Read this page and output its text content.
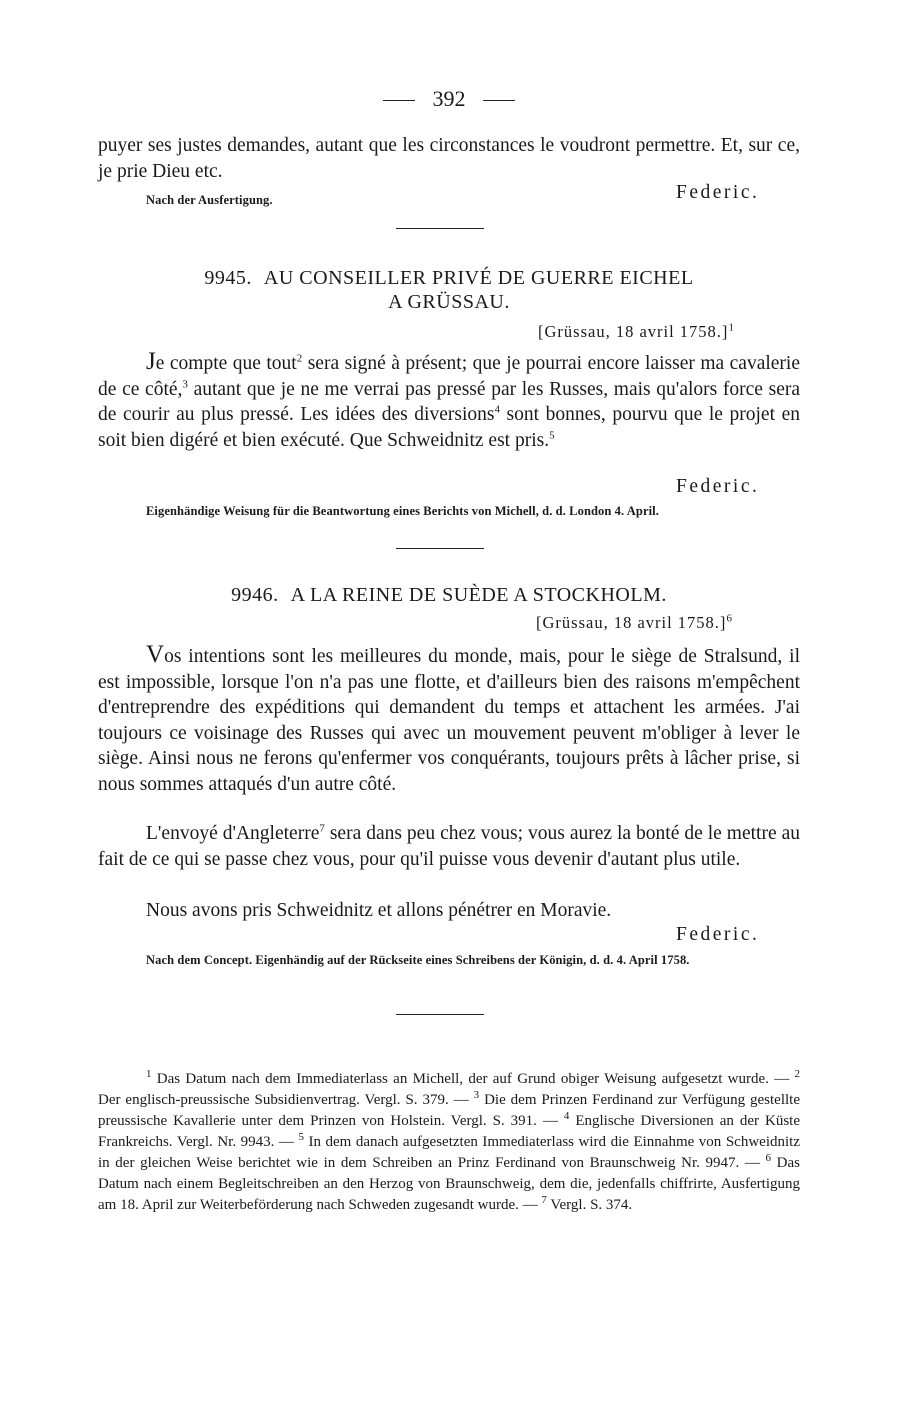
392
puyer ses justes demandes, autant que les circonstances le voudront permettre. Et, sur ce, je prie Dieu etc.
Nach der Ausfertigung.	Federic.
9945. AU CONSEILLER PRIVÉ DE GUERRE EICHEL
A GRÜSSAU.
[Grüssau, 18 avril 1758.]$^1$
Je compte que tout$^2$ sera signé à présent; que je pourrai encore laisser ma cavalerie de ce côté,$^3$ autant que je ne me verrai pas pressé par les Russes, mais qu'alors force sera de courir au plus pressé. Les idées des diversions$^4$ sont bonnes, pourvu que le projet en soit bien digéré et bien exécuté. Que Schweidnitz est pris.$^5$
Federic.
Eigenhändige Weisung für die Beantwortung eines Berichts von Michell, d. d. London 4. April.
9946. A LA REINE DE SUÈDE A STOCKHOLM.
[Grüssau, 18 avril 1758.]$^6$
Vos intentions sont les meilleures du monde, mais, pour le siège de Stralsund, il est impossible, lorsque l'on n'a pas une flotte, et d'ailleurs bien des raisons m'empêchent d'entreprendre des expéditions qui demandent du temps et attachent les armées. J'ai toujours ce voisinage des Russes qui avec un mouvement peuvent m'obliger à lever le siège. Ainsi nous ne ferons qu'enfermer vos conquérants, toujours prêts à lâcher prise, si nous sommes attaqués d'un autre côté.
L'envoyé d'Angleterre$^7$ sera dans peu chez vous; vous aurez la bonté de le mettre au fait de ce qui se passe chez vous, pour qu'il puisse vous devenir d'autant plus utile.
Nous avons pris Schweidnitz et allons pénétrer en Moravie.
Federic.
Nach dem Concept. Eigenhändig auf der Rückseite eines Schreibens der Königin, d. d. 4. April 1758.
$^1$ Das Datum nach dem Immediaterlass an Michell, der auf Grund obiger Weisung aufgesetzt wurde. — $^2$ Der englisch-preussische Subsidienvertrag. Vergl. S. 379. — $^3$ Die dem Prinzen Ferdinand zur Verfügung gestellte preussische Kavallerie unter dem Prinzen von Holstein. Vergl. S. 391. — $^4$ Englische Diversionen an der Küste Frankreichs. Vergl. Nr. 9943. — $^5$ In dem danach aufgesetzten Immediaterlass wird die Einnahme von Schweidnitz in der gleichen Weise berichtet wie in dem Schreiben an Prinz Ferdinand von Braunschweig Nr. 9947. — $^6$ Das Datum nach einem Begleitschreiben an den Herzog von Braunschweig, dem die, jedenfalls chiffrirte, Ausfertigung am 18. April zur Weiterbeförderung nach Schweden zugesandt wurde. — $^7$ Vergl. S. 374.
